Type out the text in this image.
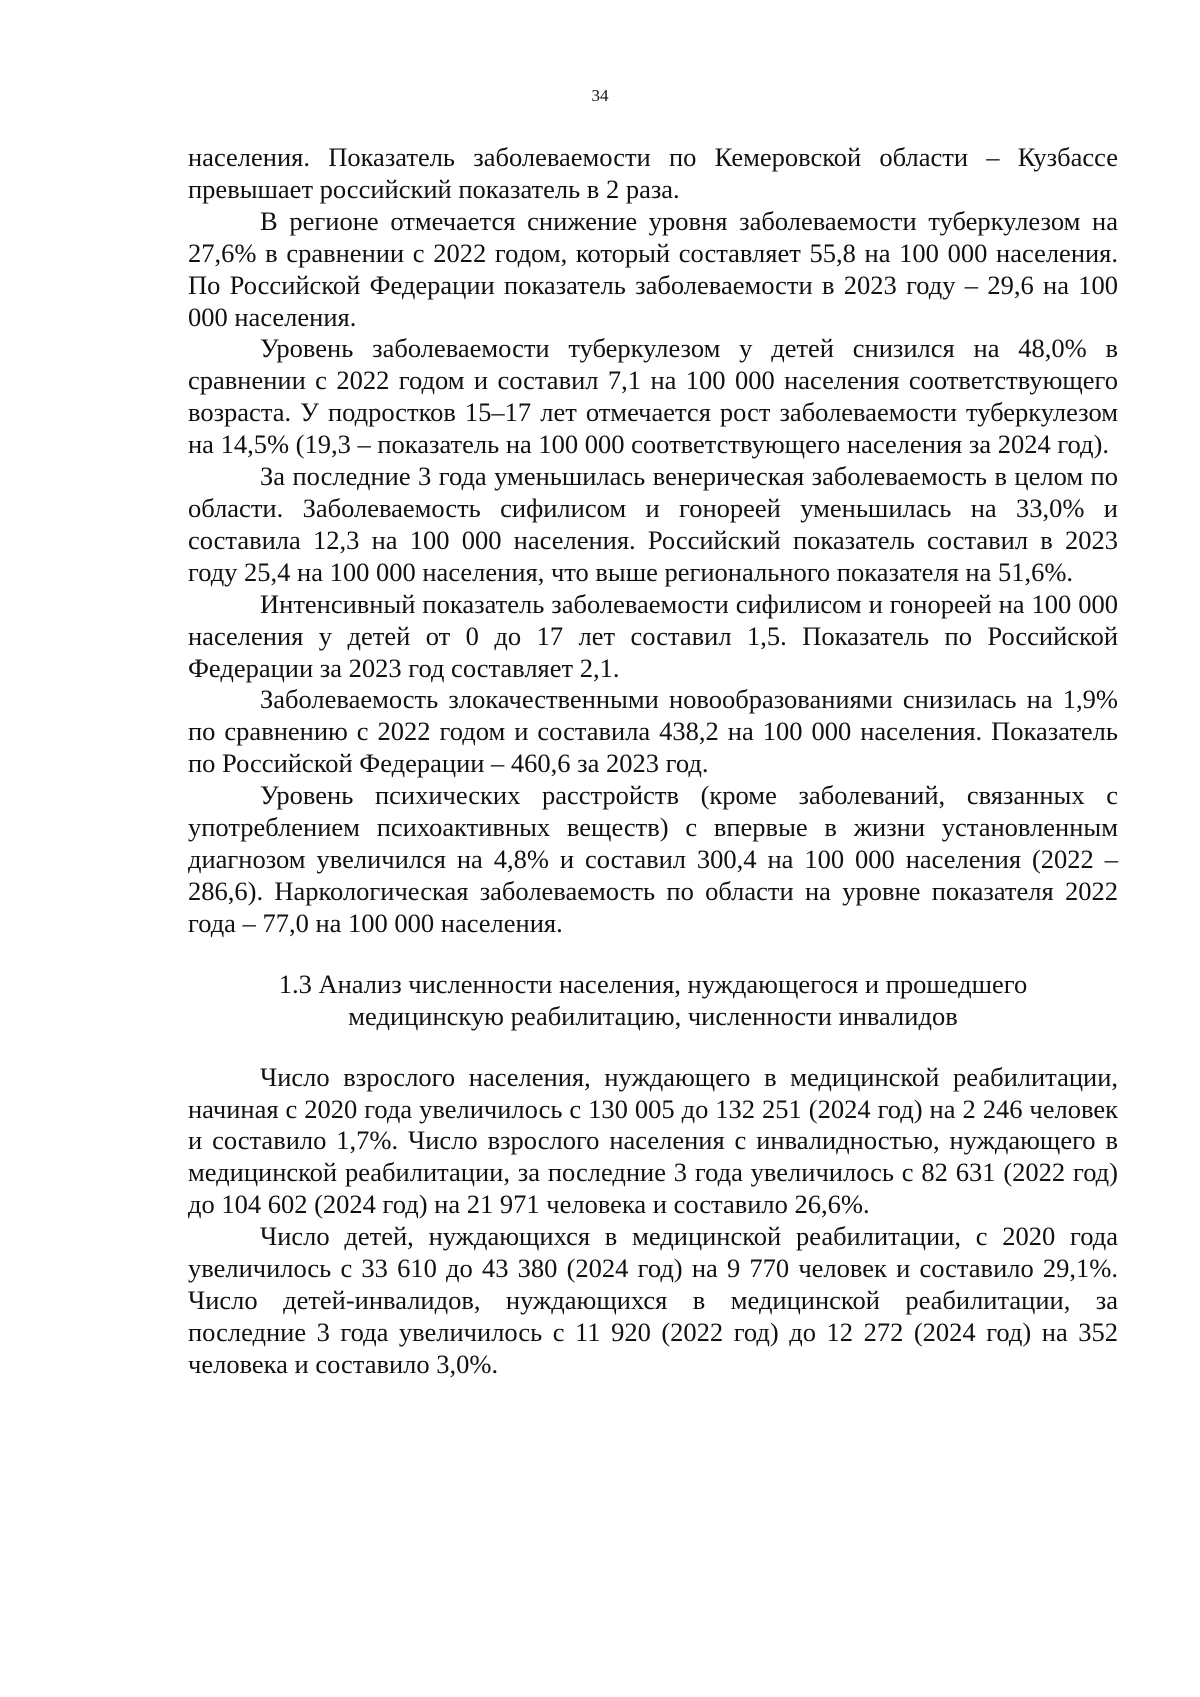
34

населения. Показатель заболеваемости по Кемеровской области – Кузбассе превышает российский показатель в 2 раза.

В регионе отмечается снижение уровня заболеваемости туберкулезом на 27,6% в сравнении с 2022 годом, который составляет 55,8 на 100 000 населения. По Российской Федерации показатель заболеваемости в 2023 году – 29,6 на 100 000 населения.

Уровень заболеваемости туберкулезом у детей снизился на 48,0% в сравнении с 2022 годом и составил 7,1 на 100 000 населения соответствующего возраста. У подростков 15–17 лет отмечается рост заболеваемости туберкулезом на 14,5% (19,3 – показатель на 100 000 соответствующего населения за 2024 год).

За последние 3 года уменьшилась венерическая заболеваемость в целом по области. Заболеваемость сифилисом и гонореей уменьшилась на 33,0% и составила 12,3 на 100 000 населения. Российский показатель составил в 2023 году 25,4 на 100 000 населения, что выше регионального показателя на 51,6%.

Интенсивный показатель заболеваемости сифилисом и гонореей на 100 000 населения у детей от 0 до 17 лет составил 1,5. Показатель по Российской Федерации за 2023 год составляет 2,1.

Заболеваемость злокачественными новообразованиями снизилась на 1,9% по сравнению с 2022 годом и составила 438,2 на 100 000 населения. Показатель по Российской Федерации – 460,6 за 2023 год.

Уровень психических расстройств (кроме заболеваний, связанных с употреблением психоактивных веществ) с впервые в жизни установленным диагнозом увеличился на 4,8% и составил 300,4 на 100 000 населения (2022 – 286,6). Наркологическая заболеваемость по области на уровне показателя 2022 года – 77,0 на 100 000 населения.

1.3 Анализ численности населения, нуждающегося и прошедшего
медицинскую реабилитацию, численности инвалидов

Число взрослого населения, нуждающего в медицинской реабилитации, начиная с 2020 года увеличилось с 130 005 до 132 251 (2024 год) на 2 246 человек и составило 1,7%. Число взрослого населения с инвалидностью, нуждающего в медицинской реабилитации, за последние 3 года увеличилось с 82 631 (2022 год) до 104 602 (2024 год) на 21 971 человека и составило 26,6%.

Число детей, нуждающихся в медицинской реабилитации, с 2020 года увеличилось с 33 610 до 43 380 (2024 год) на 9 770 человек и составило 29,1%. Число детей-инвалидов, нуждающихся в медицинской реабилитации, за последние 3 года увеличилось с 11 920 (2022 год) до 12 272 (2024 год) на 352 человека и составило 3,0%.
